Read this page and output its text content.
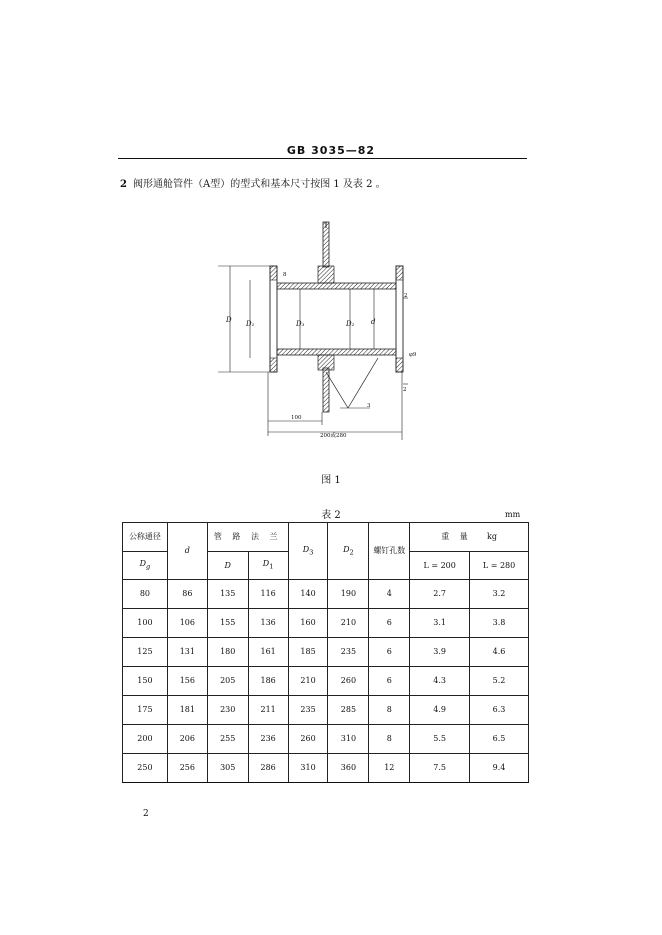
GB 3035—82
2 阀形通舱管件（A型）的型式和基本尺寸按图 1 及表 2 。
D D₁	D₃	D₂ d
8
2
φ9
2
3
100
200或280
图 1
表 2	mm
公称通径	d	管 路 法 兰		$D_3$	$D_2$	螺钉孔数	重 量 kg	
$D_g$		D	$D_1$				L = 200	L = 280
80	86	135	116	140	190	4	2.7	3.2
100	106	155	136	160	210	6	3.1	3.8
125	131	180	161	185	235	6	3.9	4.6
150	156	205	186	210	260	6	4.3	5.2
175	181	230	211	235	285	8	4.9	6.3
200	206	255	236	260	310	8	5.5	6.5
250	256	305	286	310	360	12	7.5	9.4
2
